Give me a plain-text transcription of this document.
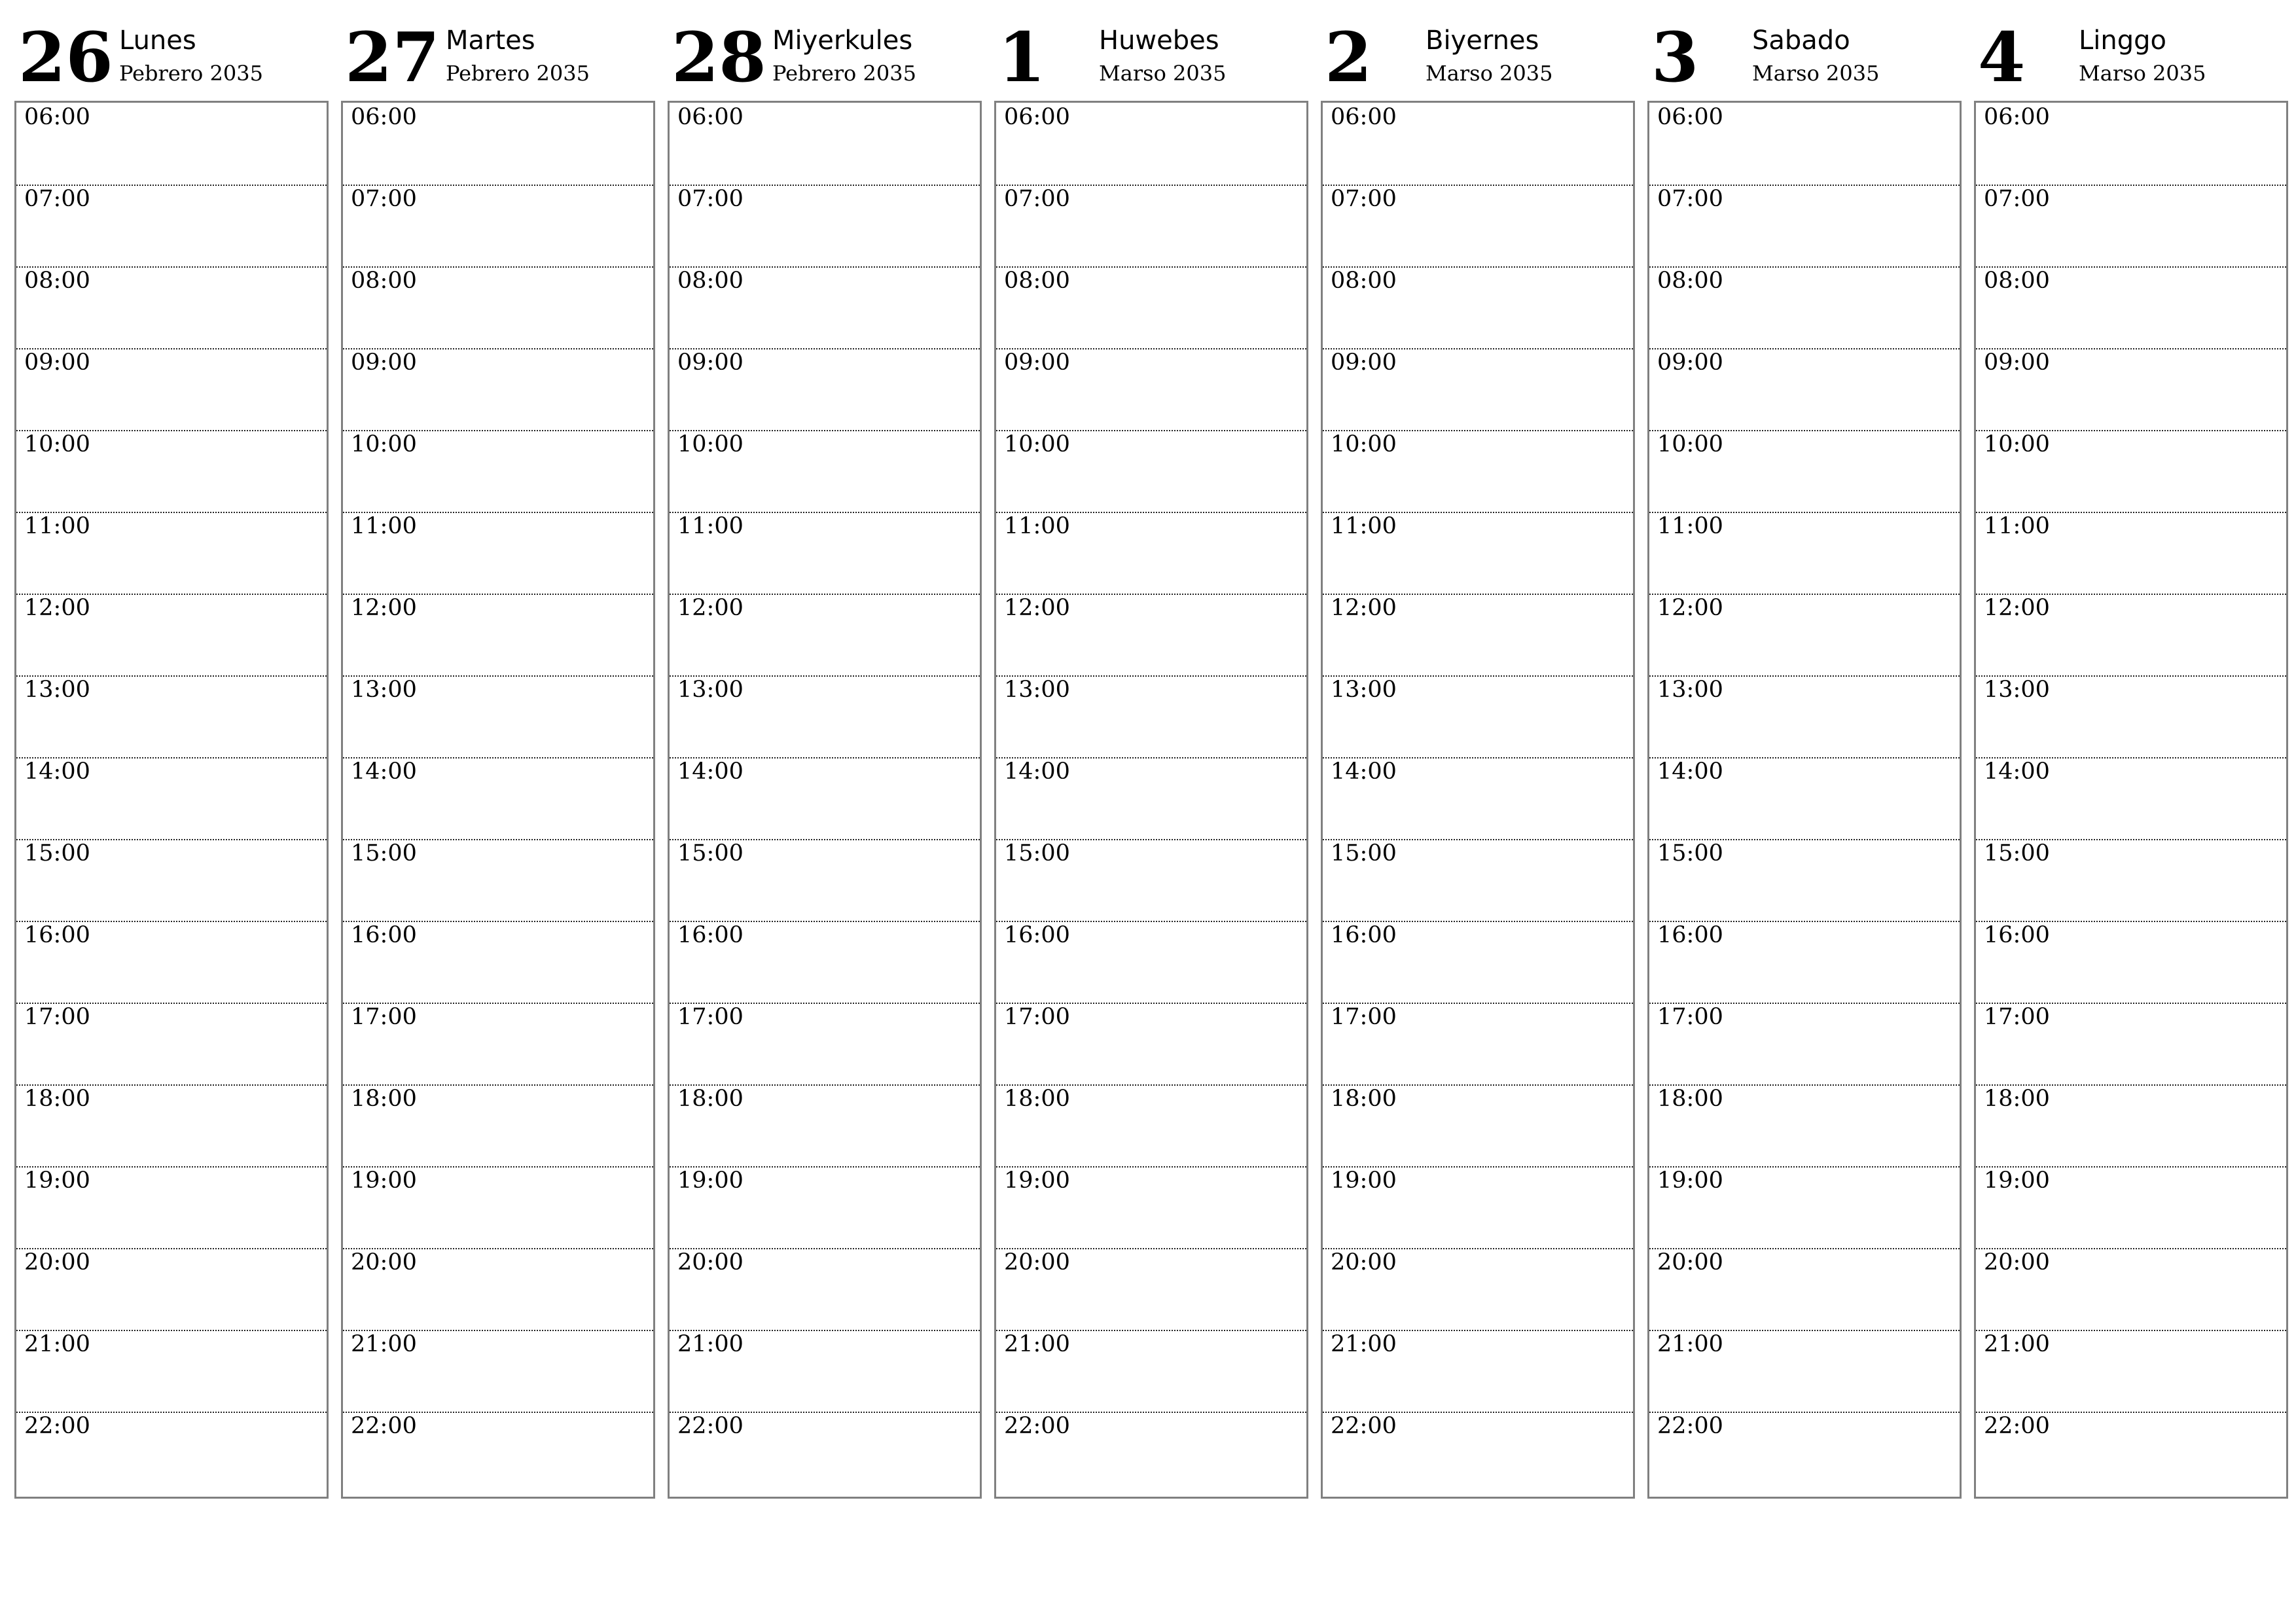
26 Lunes
Pebrero 2035
06:00
07:00
08:00
09:00
10:00
11:00
12:00
13:00
14:00
15:00
16:00
17:00
18:00
19:00
20:00
21:00
22:00
27 Martes
Pebrero 2035
06:00
07:00
08:00
09:00
10:00
11:00
12:00
13:00
14:00
15:00
16:00
17:00
18:00
19:00
20:00
21:00
22:00
28 Miyerkules
Pebrero 2035
06:00
07:00
08:00
09:00
10:00
11:00
12:00
13:00
14:00
15:00
16:00
17:00
18:00
19:00
20:00
21:00
22:00
1 Huwebes
Marso 2035
06:00
07:00
08:00
09:00
10:00
11:00
12:00
13:00
14:00
15:00
16:00
17:00
18:00
19:00
20:00
21:00
22:00
2 Biyernes
Marso 2035
06:00
07:00
08:00
09:00
10:00
11:00
12:00
13:00
14:00
15:00
16:00
17:00
18:00
19:00
20:00
21:00
22:00
3 Sabado
Marso 2035
06:00
07:00
08:00
09:00
10:00
11:00
12:00
13:00
14:00
15:00
16:00
17:00
18:00
19:00
20:00
21:00
22:00
4 Linggo
Marso 2035
06:00
07:00
08:00
09:00
10:00
11:00
12:00
13:00
14:00
15:00
16:00
17:00
18:00
19:00
20:00
21:00
22:00
